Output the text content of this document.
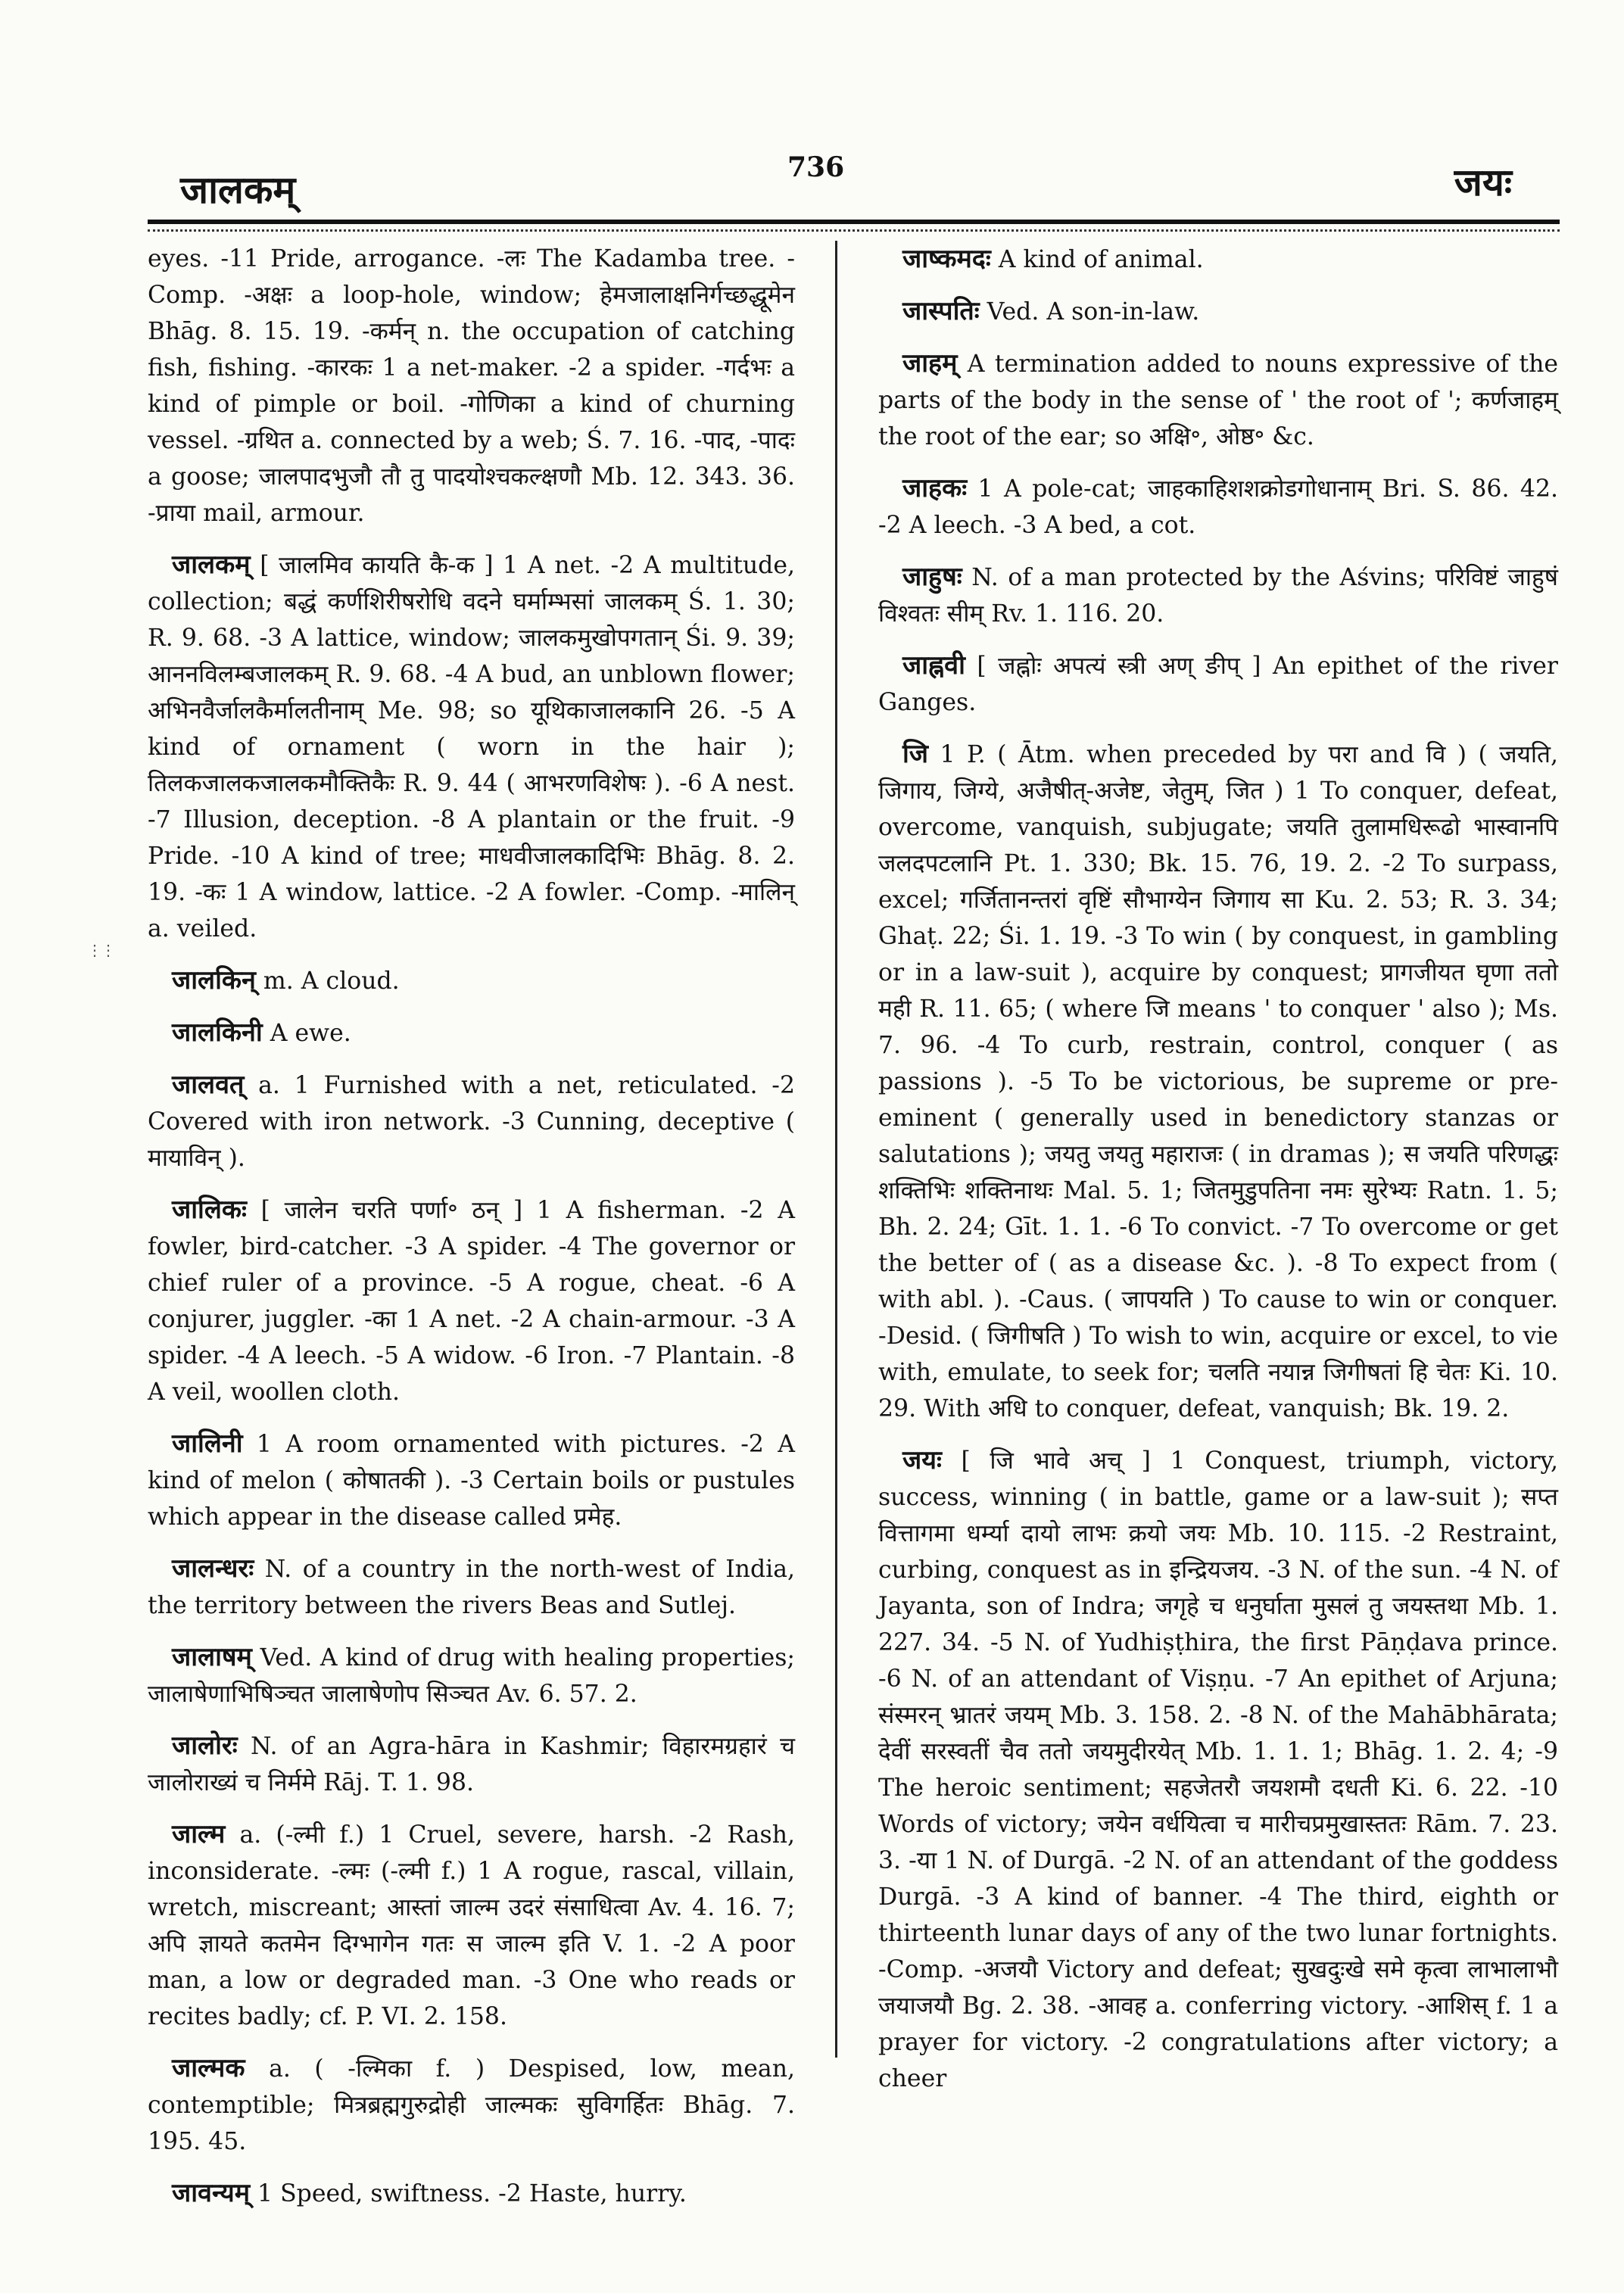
जालकम्	736	जयः
⋮⋮

eyes. -11 Pride, arrogance. -लः The Kadamba tree. -Comp. -अक्षः a loop-hole, window; हेमजालाक्षनिर्गच्छद्धूमेन Bhāg. 8. 15. 19. -कर्मन् n. the occupation of catching fish, fishing. -कारकः 1 a net-maker. -2 a spider. -गर्दभः a kind of pimple or boil. -गोणिका a kind of churning vessel. -ग्रथित a. connected by a web; Ś. 7. 16. -पाद, -पादः a goose; जालपादभुजौ तौ तु पादयोश्चकल्क्षणौ Mb. 12. 343. 36. -प्राया mail, armour.

जालकम् [ जालमिव कायति कै-क ] 1 A net. -2 A multitude, collection; बद्धं कर्णशिरीषरोधि वदने घर्माम्भसां जालकम् Ś. 1. 30; R. 9. 68. -3 A lattice, window; जालकमुखोपगतान् Śi. 9. 39; आननविलम्बजालकम् R. 9. 68. -4 A bud, an unblown flower; अभिनवैर्जालकैर्मालतीनाम् Me. 98; so यूथिकाजालकानि 26. -5 A kind of ornament ( worn in the hair ); तिलकजालकजालकमौक्तिकैः R. 9. 44 ( आभरणविशेषः ). -6 A nest. -7 Illusion, deception. -8 A plantain or the fruit. -9 Pride. -10 A kind of tree; माधवीजालकादिभिः Bhāg. 8. 2. 19. -कः 1 A window, lattice. -2 A fowler. -Comp. -मालिन् a. veiled.

जालकिन् m. A cloud.

जालकिनी A ewe.

जालवत् a. 1 Furnished with a net, reticulated. -2 Covered with iron network. -3 Cunning, deceptive ( मायाविन् ).

जालिकः [ जालेन चरति पर्णा॰ ठन् ] 1 A fisherman. -2 A fowler, bird-catcher. -3 A spider. -4 The governor or chief ruler of a province. -5 A rogue, cheat. -6 A conjurer, juggler. -का 1 A net. -2 A chain-armour. -3 A spider. -4 A leech. -5 A widow. -6 Iron. -7 Plantain. -8 A veil, woollen cloth.

जालिनी 1 A room ornamented with pictures. -2 A kind of melon ( कोषातकी ). -3 Certain boils or pustules which appear in the disease called प्रमेह.

जालन्धरः N. of a country in the north-west of India, the territory between the rivers Beas and Sutlej.

जालाषम् Ved. A kind of drug with healing properties; जालाषेणाभिषिञ्चत जालाषेणोप सिञ्चत Av. 6. 57. 2.

जालोरः N. of an Agra-hāra in Kashmir; विहारमग्रहारं च जालोराख्यं च निर्ममे Rāj. T. 1. 98.

जाल्म a. (-ल्मी f.) 1 Cruel, severe, harsh. -2 Rash, inconsiderate. -ल्मः (-ल्मी f.) 1 A rogue, rascal, villain, wretch, miscreant; आस्तां जाल्म उदरं संसाधित्वा Av. 4. 16. 7; अपि ज्ञायते कतमेन दिग्भागेन गतः स जाल्म इति V. 1. -2 A poor man, a low or degraded man. -3 One who reads or recites badly; cf. P. VI. 2. 158.

जाल्मक a. ( -ल्मिका f. ) Despised, low, mean, contemptible; मित्रब्रह्मगुरुद्रोही जाल्मकः सुविगर्हितः Bhāg. 7. 195. 45.

जावन्यम् 1 Speed, swiftness. -2 Haste, hurry.

जाष्कमदः A kind of animal.

जास्पतिः Ved. A son-in-law.

जाहम् A termination added to nouns expressive of the parts of the body in the sense of ' the root of '; कर्णजाहम् the root of the ear; so अक्षि॰, ओष्ठ॰ &c.

जाहकः 1 A pole-cat; जाहकाहिशशक्रोडगोधानाम् Bri. S. 86. 42. -2 A leech. -3 A bed, a cot.

जाहुषः N. of a man protected by the Aśvins; परिविष्टं जाहुषं विश्वतः सीम् Rv. 1. 116. 20.

जाह्नवी [ जह्नोः अपत्यं स्त्री अण् ङीप् ] An epithet of the river Ganges.

जि 1 P. ( Ātm. when preceded by परा and वि ) ( जयति, जिगाय, जिग्ये, अजैषीत्-अजेष्ट, जेतुम्, जित ) 1 To conquer, defeat, overcome, vanquish, subjugate; जयति तुलामधिरूढो भास्वानपि जलदपटलानि Pt. 1. 330; Bk. 15. 76, 19. 2. -2 To surpass, excel; गर्जितानन्तरां वृष्टिं सौभाग्येन जिगाय सा Ku. 2. 53; R. 3. 34; Ghaṭ. 22; Śi. 1. 19. -3 To win ( by conquest, in gambling or in a law-suit ), acquire by conquest; प्रागजीयत घृणा ततो मही R. 11. 65; ( where जि means ' to conquer ' also ); Ms. 7. 96. -4 To curb, restrain, control, conquer ( as passions ). -5 To be victorious, be supreme or pre-eminent ( generally used in benedictory stanzas or salutations ); जयतु जयतु महाराजः ( in dramas ); स जयति परिणद्धः शक्तिभिः शक्तिनाथः Mal. 5. 1; जितमुडुपतिना नमः सुरेभ्यः Ratn. 1. 5; Bh. 2. 24; Gīt. 1. 1. -6 To convict. -7 To overcome or get the better of ( as a disease &c. ). -8 To expect from ( with abl. ). -Caus. ( जापयति ) To cause to win or conquer. -Desid. ( जिगीषति ) To wish to win, acquire or excel, to vie with, emulate, to seek for; चलति नयान्न जिगीषतां हि चेतः Ki. 10. 29. With अधि to conquer, defeat, vanquish; Bk. 19. 2.

जयः [ जि भावे अच् ] 1 Conquest, triumph, victory, success, winning ( in battle, game or a law-suit ); सप्त वित्तागमा धर्म्या दायो लाभः क्रयो जयः Mb. 10. 115. -2 Restraint, curbing, conquest as in इन्द्रियजय. -3 N. of the sun. -4 N. of Jayanta, son of Indra; जगृहे च धनुर्घाता मुसलं तु जयस्तथा Mb. 1. 227. 34. -5 N. of Yudhiṣṭhira, the first Pāṇḍava prince. -6 N. of an attendant of Viṣṇu. -7 An epithet of Arjuna; संस्मरन् भ्रातरं जयम् Mb. 3. 158. 2. -8 N. of the Mahābhārata; देवीं सरस्वतीं चैव ततो जयमुदीरयेत् Mb. 1. 1. 1; Bhāg. 1. 2. 4; -9 The heroic sentiment; सहजेतरौ जयशमौ दधती Ki. 6. 22. -10 Words of victory; जयेन वर्धयित्वा च मारीचप्रमुखास्ततः Rām. 7. 23. 3. -या 1 N. of Durgā. -2 N. of an attendant of the goddess Durgā. -3 A kind of banner. -4 The third, eighth or thirteenth lunar days of any of the two lunar fortnights. -Comp. -अजयौ Victory and defeat; सुखदुःखे समे कृत्वा लाभालाभौ जयाजयौ Bg. 2. 38. -आवह a. conferring victory. -आशिस् f. 1 a prayer for victory. -2 congratulations after victory; a cheer
